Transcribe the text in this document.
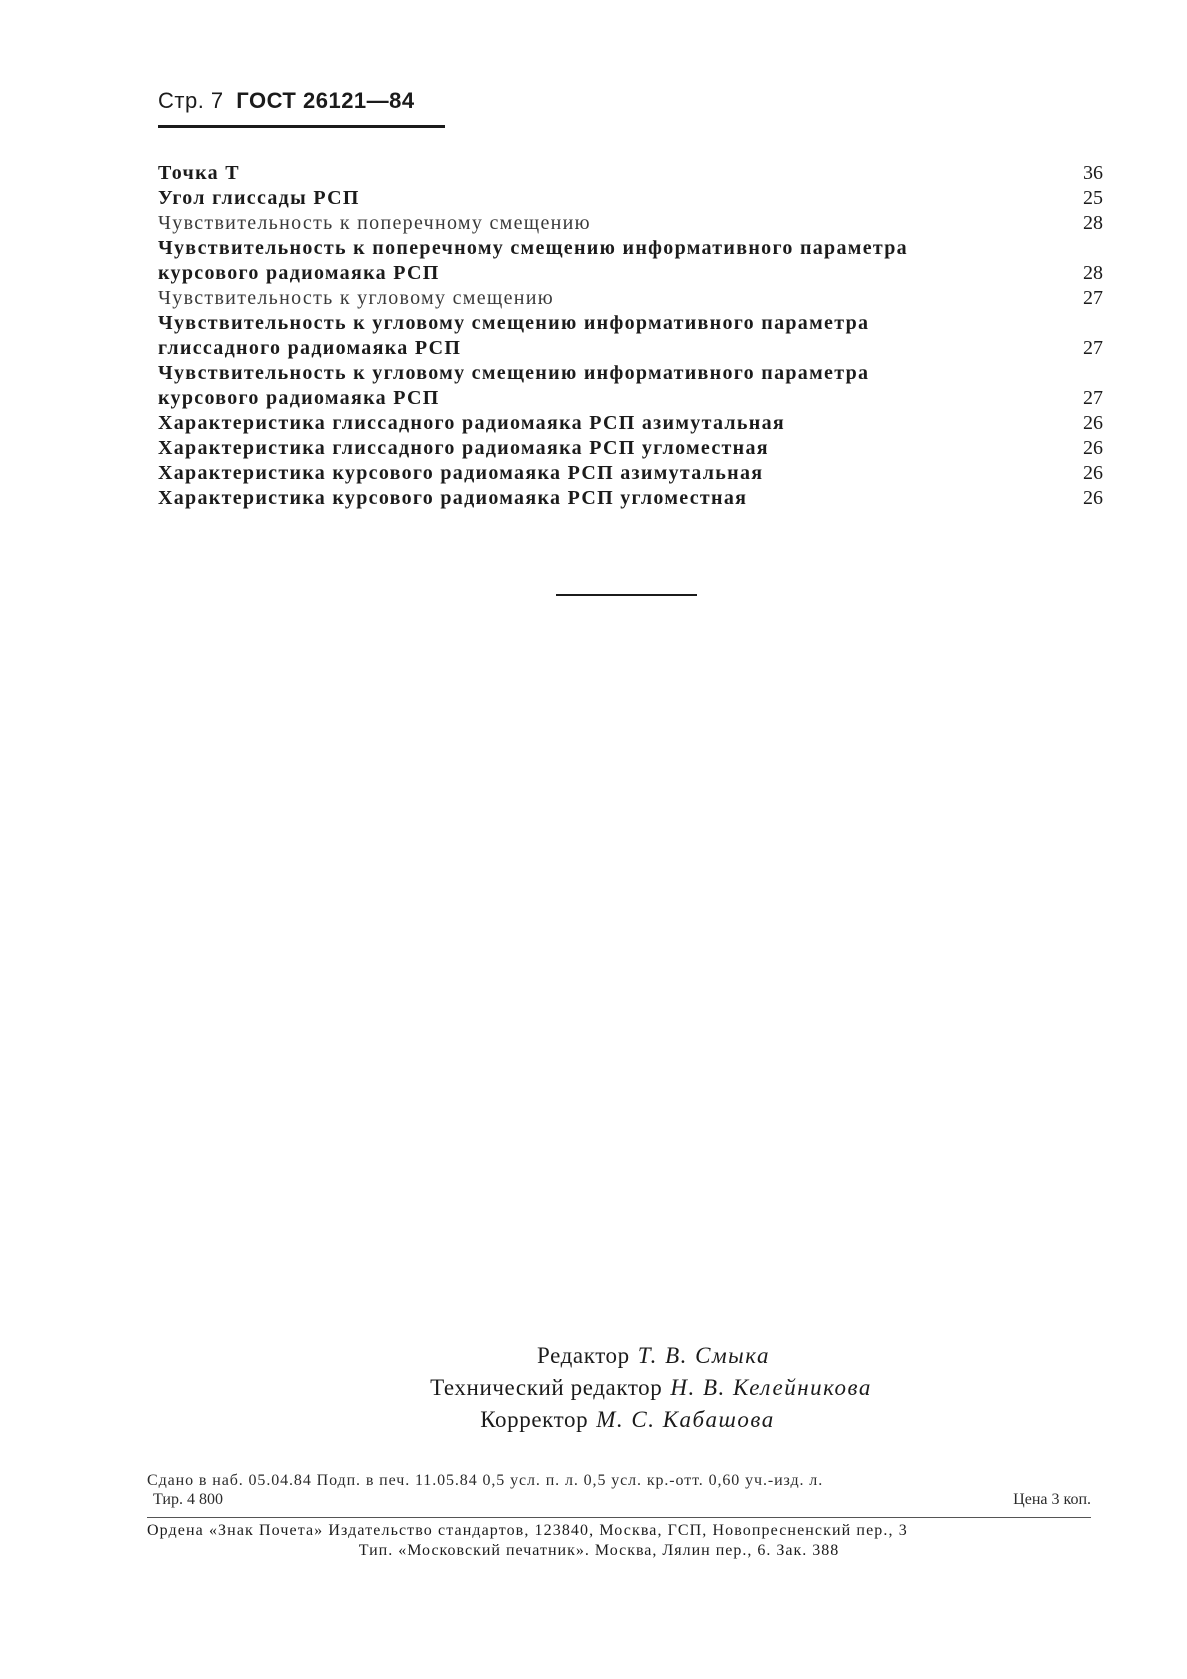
Стр. 7 ГОСТ 26121—84
Точка Т	36
Угол глиссады РСП	25
Чувствительность к поперечному смещению	28
Чувствительность к поперечному смещению информативного параметра
курсового радиомаяка РСП	28
Чувствительность к угловому смещению	27
Чувствительность к угловому смещению информативного параметра
глиссадного радиомаяка РСП	27
Чувствительность к угловому смещению информативного параметра
курсового радиомаяка РСП	27
Характеристика глиссадного радиомаяка РСП азимутальная	26
Характеристика глиссадного радиомаяка РСП угломестная	26
Характеристика курсового радиомаяка РСП азимутальная	26
Характеристика курсового радиомаяка РСП угломестная	26
Редактор Т. В. Смыка
Технический редактор Н. В. Келейникова
Корректор М. С. Кабашова
Сдано в наб. 05.04.84 Подп. в печ. 11.05.84 0,5 усл. п. л. 0,5 усл. кр.-отт. 0,60 уч.-изд. л.
Тир. 4 800	Цена 3 коп.
Ордена «Знак Почета» Издательство стандартов, 123840, Москва, ГСП, Новопресненский пер., 3
Тип. «Московский печатник». Москва, Лялин пер., 6. Зак. 388
